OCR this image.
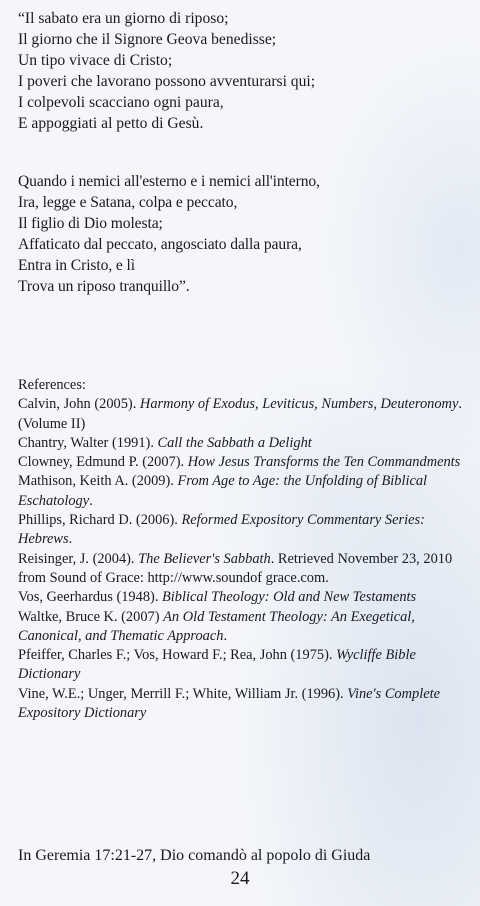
“Il sabato era un giorno di riposo;
Il giorno che il Signore Geova benedisse;
Un tipo vivace di Cristo;
I poveri che lavorano possono avventurarsi qui;
I colpevoli scacciano ogni paura,
E appoggiati al petto di Gesù.
Quando i nemici all'esterno e i nemici all'interno,
Ira, legge e Satana, colpa e peccato,
Il figlio di Dio molesta;
Affaticato dal peccato, angosciato dalla paura,
Entra in Cristo, e lì
Trova un riposo tranquillo”.
References:
Calvin, John (2005). Harmony of Exodus, Leviticus, Numbers, Deuteronomy. (Volume II)
Chantry, Walter (1991). Call the Sabbath a Delight
Clowney, Edmund P. (2007). How Jesus Transforms the Ten Commandments
Mathison, Keith A. (2009). From Age to Age: the Unfolding of Biblical Eschatology.
Phillips, Richard D. (2006). Reformed Expository Commentary Series: Hebrews.
Reisinger, J. (2004). The Believer's Sabbath. Retrieved November 23, 2010 from Sound of Grace: http://www.soundof grace.com.
Vos, Geerhardus (1948). Biblical Theology: Old and New Testaments
Waltke, Bruce K. (2007) An Old Testament Theology: An Exegetical, Canonical, and Thematic Approach.
Pfeiffer, Charles F.; Vos, Howard F.; Rea, John (1975). Wycliffe Bible Dictionary
Vine, W.E.; Unger, Merrill F.; White, William Jr. (1996). Vine's Complete Expository Dictionary
In Geremia 17:21-27, Dio comandò al popolo di Giuda
24
